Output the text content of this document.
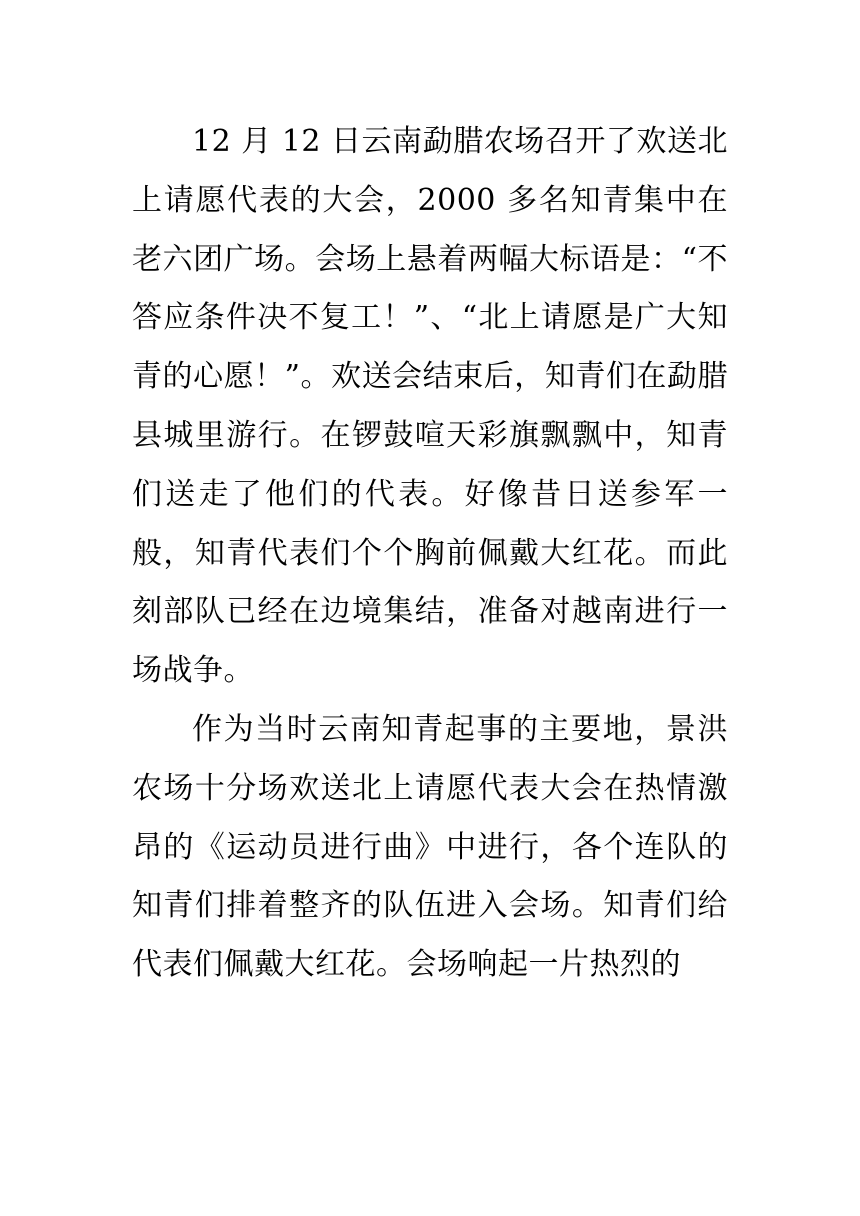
12 月 12 日云南勐腊农场召开了欢送北上请愿代表的大会，2000 多名知青集中在老六团广场。会场上悬着两幅大标语是：“不答应条件决不复工！”、“北上请愿是广大知青的心愿！”。欢送会结束后，知青们在勐腊县城里游行。在锣鼓喧天彩旗飘飘中，知青们送走了他们的代表。好像昔日送参军一般，知青代表们个个胸前佩戴大红花。而此刻部队已经在边境集结，准备对越南进行一场战争。

作为当时云南知青起事的主要地，景洪农场十分场欢送北上请愿代表大会在热情激昂的《运动员进行曲》中进行，各个连队的知青们排着整齐的队伍进入会场。知青们给代表们佩戴大红花。会场响起一片热烈的
